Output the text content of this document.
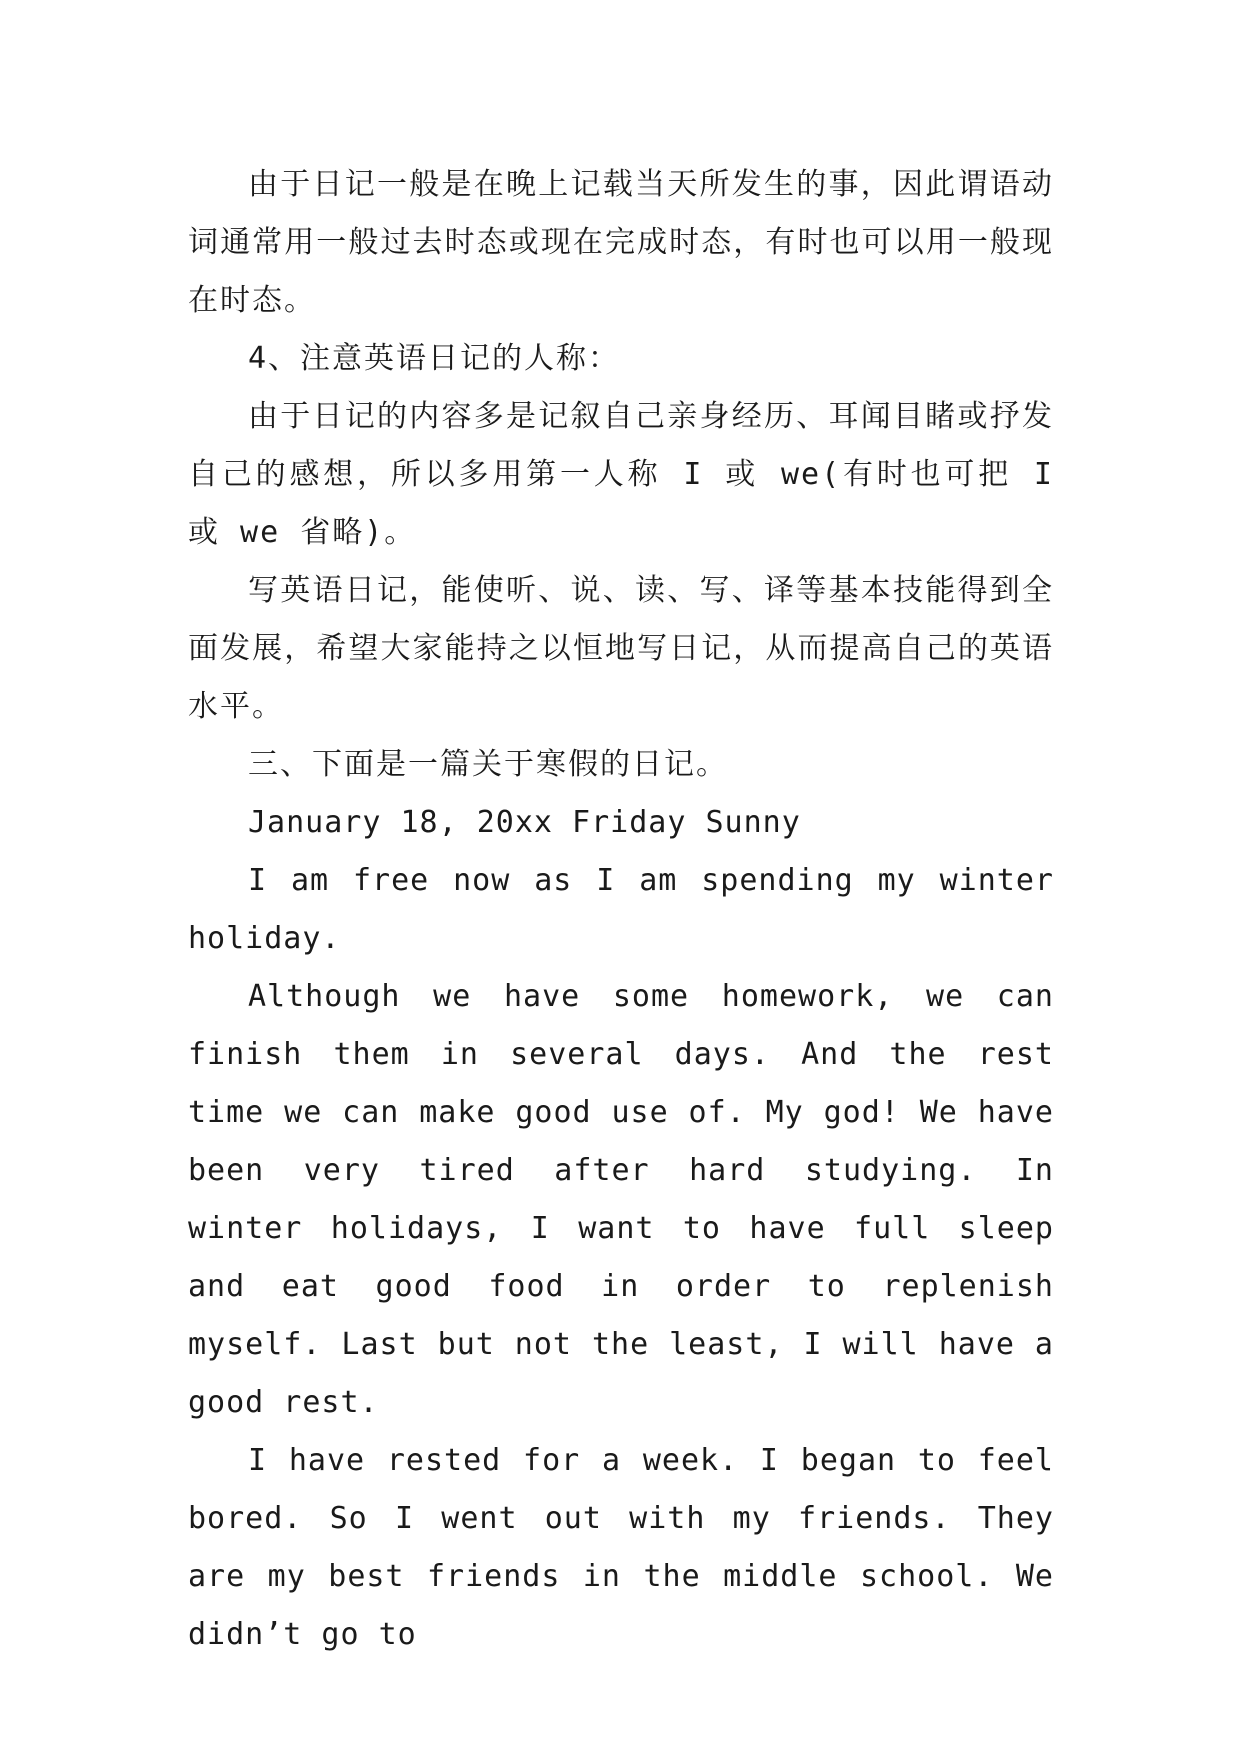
由于日记一般是在晚上记载当天所发生的事，因此谓语动词通常用一般过去时态或现在完成时态，有时也可以用一般现在时态。

4、注意英语日记的人称：

由于日记的内容多是记叙自己亲身经历、耳闻目睹或抒发自己的感想，所以多用第一人称 I 或 we(有时也可把 I 或 we 省略)。

写英语日记，能使听、说、读、写、译等基本技能得到全面发展，希望大家能持之以恒地写日记，从而提高自己的英语水平。

三、下面是一篇关于寒假的日记。

January 18, 20xx Friday Sunny

I am free now as I am spending my winter holiday.

Although we have some homework, we can finish them in several days. And the rest time we can make good use of. My god! We have been very tired after hard studying. In winter holidays, I want to have full sleep and eat good food in order to replenish myself. Last but not the least, I will have a good rest.

I have rested for a week. I began to feel bored. So I went out with my friends. They are my best friends in the middle school. We didn’t go to
